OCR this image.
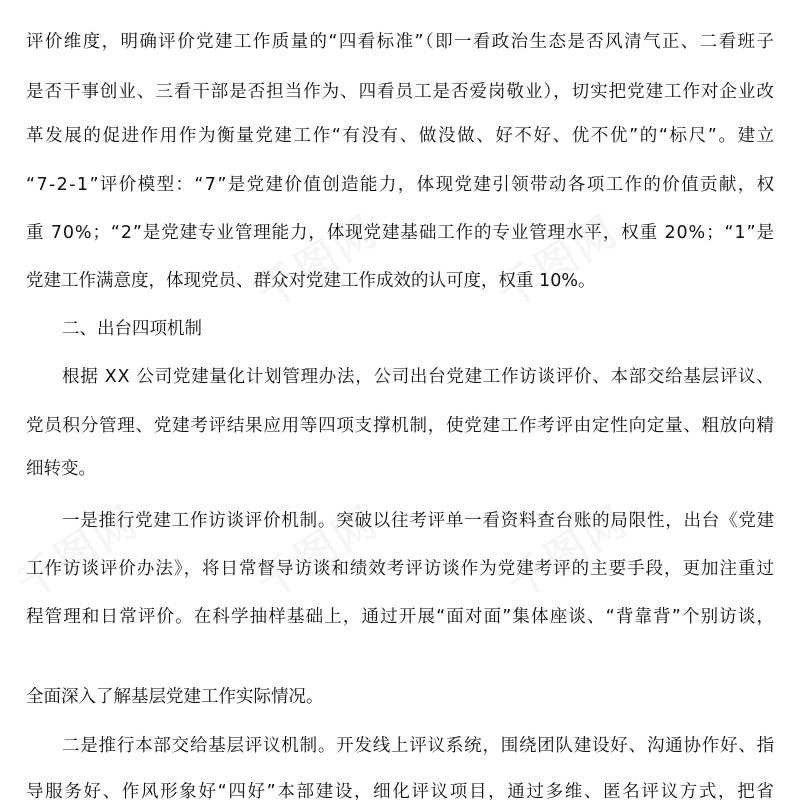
千图网 千图网
千图网 千图网	千图网
评价维度，明确评价党建工作质量的“四看标准”（即一看政治生态是否风清气正、二看班子
是否干事创业、三看干部是否担当作为、四看员工是否爱岗敬业），切实把党建工作对企业改
革发展的促进作用作为衡量党建工作“有没有、做没做、好不好、优不优”的“标尺”。建立
“7-2-1”评价模型：“7”是党建价值创造能力，体现党建引领带动各项工作的价值贡献，权
重 70%；“2”是党建专业管理能力，体现党建基础工作的专业管理水平，权重 20%；“1”是
党建工作满意度，体现党员、群众对党建工作成效的认可度，权重 10%。
二、出台四项机制
根据 XX 公司党建量化计划管理办法，公司出台党建工作访谈评价、本部交给基层评议、
党员积分管理、党建考评结果应用等四项支撑机制，使党建工作考评由定性向定量、粗放向精
细转变。
一是推行党建工作访谈评价机制。突破以往考评单一看资料查台账的局限性，出台《党建
工作访谈评价办法》，将日常督导访谈和绩效考评访谈作为党建考评的主要手段，更加注重过
程管理和日常评价。在科学抽样基础上，通过开展“面对面”集体座谈、“背靠背”个别访谈，
全面深入了解基层党建工作实际情况。
二是推行本部交给基层评议机制。开发线上评议系统，围绕团队建设好、沟通协作好、指
导服务好、作风形象好“四好”本部建设，细化评议项目，通过多维、匿名评议方式，把省
